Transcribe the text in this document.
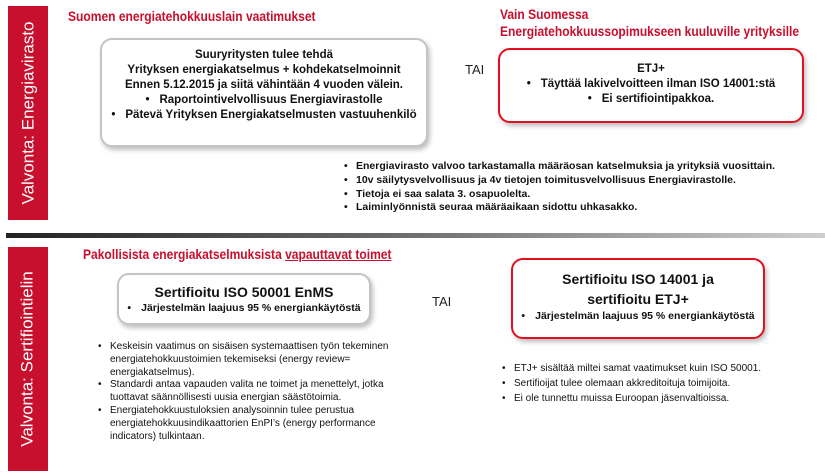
Valvonta: Energiavirasto
Suomen energiatehokkuuslain vaatimukset
Suuryritysten tulee tehdä
Yrityksen energiakatselmus + kohdekatselmoinnit
Ennen 5.12.2015 ja siitä vähintään 4 vuoden välein.
• Raportointivelvollisuus Energiavirastolle
• Pätevä Yrityksen Energiakatselmusten vastuuhenkilö
TAI
Vain Suomessa
Energiatehokkuussopimukseen kuuluville yrityksille
ETJ+
• Täyttää lakivelvoitteen ilman ISO 14001:stä
• Ei sertifiointipakkoa.
• Energiavirasto valvoo tarkastamalla määräosan katselmuksia ja yrityksiä vuosittain.
• 10v säilytysvelvollisuus ja 4v tietojen toimitusvelvollisuus Energiavirastolle.
• Tietoja ei saa salata 3. osapuolelta.
• Laiminlyönnistä seuraa määräaikaan sidottu uhkasakko.
Valvonta: Sertifiointielin
Pakollisista energiakatselmuksista vapauttavat toimet
Sertifioitu ISO 50001 EnMS
• Järjestelmän laajuus 95 % energiankäytöstä	TAI
Sertifioitu ISO 14001 ja
sertifioitu ETJ+
• Järjestelmän laajuus 95 % energiankäytöstä
• Keskeisin vaatimus on sisäisen systemaattisen työn tekeminen energiatehokkuustoimien tekemiseksi (energy review= energiakatselmus).
• Standardi antaa vapauden valita ne toimet ja menettelyt, jotka tuottavat säännöllisesti uusia energian säästötoimia.
• Energiatehokkuustuloksien analysoinnin tulee perustua energiatehokkuusindikaattorien EnPI’s (energy performance indicators) tulkintaan.
• ETJ+ sisältää miltei samat vaatimukset kuin ISO 50001.
• Sertifioijat tulee olemaan akkreditoituja toimijoita.
• Ei ole tunnettu muissa Euroopan jäsenvaltioissa.
